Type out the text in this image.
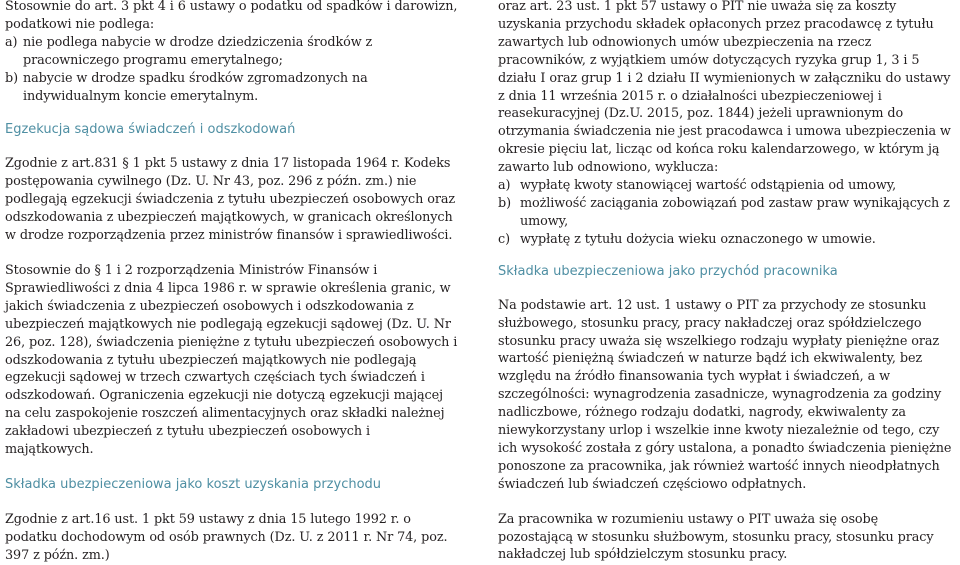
Stosownie do art. 3 pkt 4 i 6 ustawy o podatku od spadków i darowizn, podatkowi nie podlega:

a) nie podlega nabycie w drodze dziedziczenia środków z pracowniczego programu emerytalnego;
b) nabycie w drodze spadku środków zgromadzonych na indywidualnym koncie emerytalnym.
Egzekucja sądowa świadczeń i odszkodowań

Zgodnie z art.831 § 1 pkt 5 ustawy z dnia 17 listopada 1964 r. Kodeks postępowania cywilnego (Dz. U. Nr 43, poz. 296 z późn. zm.) nie podlegają egzekucji świadczenia z tytułu ubezpieczeń osobowych oraz odszkodowania z ubezpieczeń majątkowych, w granicach określonych w drodze rozporządzenia przez ministrów finansów i sprawiedliwości.

Stosownie do § 1 i 2 rozporządzenia Ministrów Finansów i Sprawiedliwości z dnia 4 lipca 1986 r. w sprawie określenia granic, w jakich świadczenia z ubezpieczeń osobowych i odszkodowania z ubezpieczeń majątkowych nie podlegają egzekucji sądowej (Dz. U. Nr 26, poz. 128), świadczenia pieniężne z tytułu ubezpieczeń osobowych i odszkodowania z tytułu ubezpieczeń majątkowych nie podlegają egzekucji sądowej w trzech czwartych częściach tych świadczeń i odszkodowań. Ograniczenia egzekucji nie dotyczą egzekucji mającej na celu zaspokojenie roszczeń alimentacyjnych oraz składki należnej zakładowi ubezpieczeń z tytułu ubezpieczeń osobowych i majątkowych.

Składka ubezpieczeniowa jako koszt uzyskania przychodu

Zgodnie z art.16 ust. 1 pkt 59 ustawy z dnia 15 lutego 1992 r. o podatku dochodowym od osób prawnych (Dz. U. z 2011 r. Nr 74, poz. 397 z późn. zm.)

oraz art. 23 ust. 1 pkt 57 ustawy o PIT nie uważa się za koszty uzyskania przychodu składek opłaconych przez pracodawcę z tytułu zawartych lub odnowionych umów ubezpieczenia na rzecz pracowników, z wyjątkiem umów dotyczących ryzyka grup 1, 3 i 5 działu I oraz grup 1 i 2 działu II wymienionych w załączniku do ustawy z dnia 11 września 2015 r. o działalności ubezpieczeniowej i reasekuracyjnej (Dz.U. 2015, poz. 1844) jeżeli uprawnionym do otrzymania świadczenia nie jest pracodawca i umowa ubezpieczenia w okresie pięciu lat, licząc od końca roku kalendarzowego, w którym ją zawarto lub odnowiono, wyklucza:

a) wypłatę kwoty stanowiącej wartość odstąpienia od umowy,
b) możliwość zaciągania zobowiązań pod zastaw praw wynikających z umowy,
c) wypłatę z tytułu dożycia wieku oznaczonego w umowie.
Składka ubezpieczeniowa jako przychód pracownika

Na podstawie art. 12 ust. 1 ustawy o PIT za przychody ze stosunku służbowego, stosunku pracy, pracy nakładczej oraz spółdzielczego stosunku pracy uważa się wszelkiego rodzaju wypłaty pieniężne oraz wartość pieniężną świadczeń w naturze bądź ich ekwiwalenty, bez względu na źródło finansowania tych wypłat i świadczeń, a w szczególności: wynagrodzenia zasadnicze, wynagrodzenia za godziny nadliczbowe, różnego rodzaju dodatki, nagrody, ekwiwalenty za niewykorzystany urlop i wszelkie inne kwoty niezależnie od tego, czy ich wysokość została z góry ustalona, a ponadto świadczenia pieniężne ponoszone za pracownika, jak również wartość innych nieodpłatnych świadczeń lub świadczeń częściowo odpłatnych.

Za pracownika w rozumieniu ustawy o PIT uważa się osobę pozostającą w stosunku służbowym, stosunku pracy, stosunku pracy nakładczej lub spółdzielczym stosunku pracy.
